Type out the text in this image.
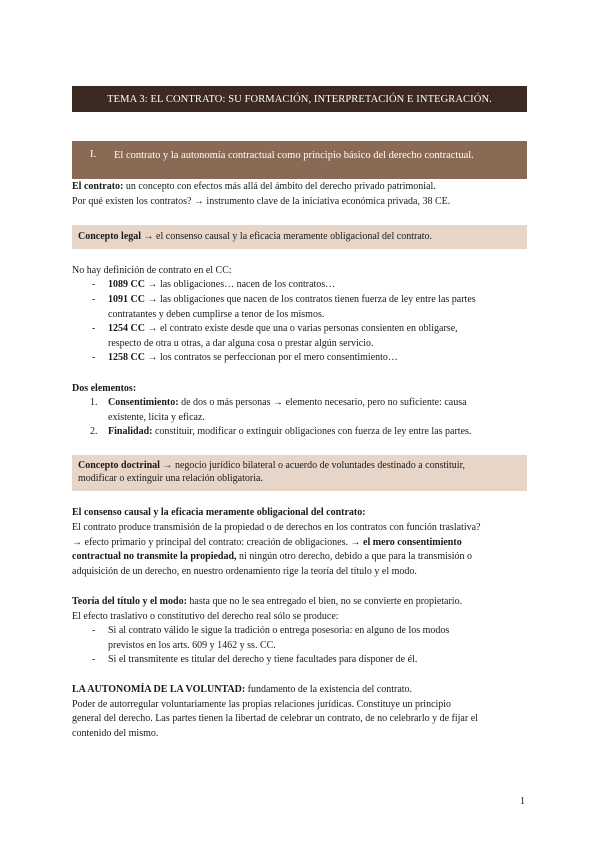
TEMA 3: EL CONTRATO: SU FORMACIÓN, INTERPRETACIÓN E INTEGRACIÓN.
I. El contrato y la autonomía contractual como principio básico del derecho contractual.
El contrato: un concepto con efectos más allá del ámbito del derecho privado patrimonial.
Por qué existen los contratos? → instrumento clave de la iniciativa económica privada, 38 CE.
Concepto legal → el consenso causal y la eficacia meramente obligacional del contrato.
No hay definición de contrato en el CC:
- 1089 CC → las obligaciones… nacen de los contratos…
- 1091 CC → las obligaciones que nacen de los contratos tienen fuerza de ley entre las partes
contratantes y deben cumplirse a tenor de los mismos.
- 1254 CC → el contrato existe desde que una o varias personas consienten en obligarse,
respecto de otra u otras, a dar alguna cosa o prestar algún servicio.
- 1258 CC → los contratos se perfeccionan por el mero consentimiento…
Dos elementos:
1. Consentimiento: de dos o más personas → elemento necesario, pero no suficiente: causa
existente, lícita y eficaz.
2. Finalidad: constituir, modificar o extinguir obligaciones con fuerza de ley entre las partes.
Concepto doctrinal → negocio jurídico bilateral o acuerdo de voluntades destinado a constituir,
modificar o extinguir una relación obligatoria.
El consenso causal y la eficacia meramente obligacional del contrato:
El contrato produce transmisión de la propiedad o de derechos en los contratos con función traslativa?
→ efecto primario y principal del contrato: creación de obligaciones. → el mero consentimiento
contractual no transmite la propiedad, ni ningún otro derecho, debido a que para la transmisión o
adquisición de un derecho, en nuestro ordenamiento rige la teoría del título y el modo.
Teoría del título y el modo: hasta que no le sea entregado el bien, no se convierte en propietario.
El efecto traslativo o constitutivo del derecho real sólo se produce:
- Si al contrato válido le sigue la tradición o entrega posesoria: en alguno de los modos
previstos en los arts. 609 y 1462 y ss. CC.
- Si el transmitente es titular del derecho y tiene facultades para disponer de él.
LA AUTONOMÍA DE LA VOLUNTAD: fundamento de la existencia del contrato.
Poder de autorregular voluntariamente las propias relaciones jurídicas. Constituye un principio
general del derecho. Las partes tienen la libertad de celebrar un contrato, de no celebrarlo y de fijar el
contenido del mismo.
1
